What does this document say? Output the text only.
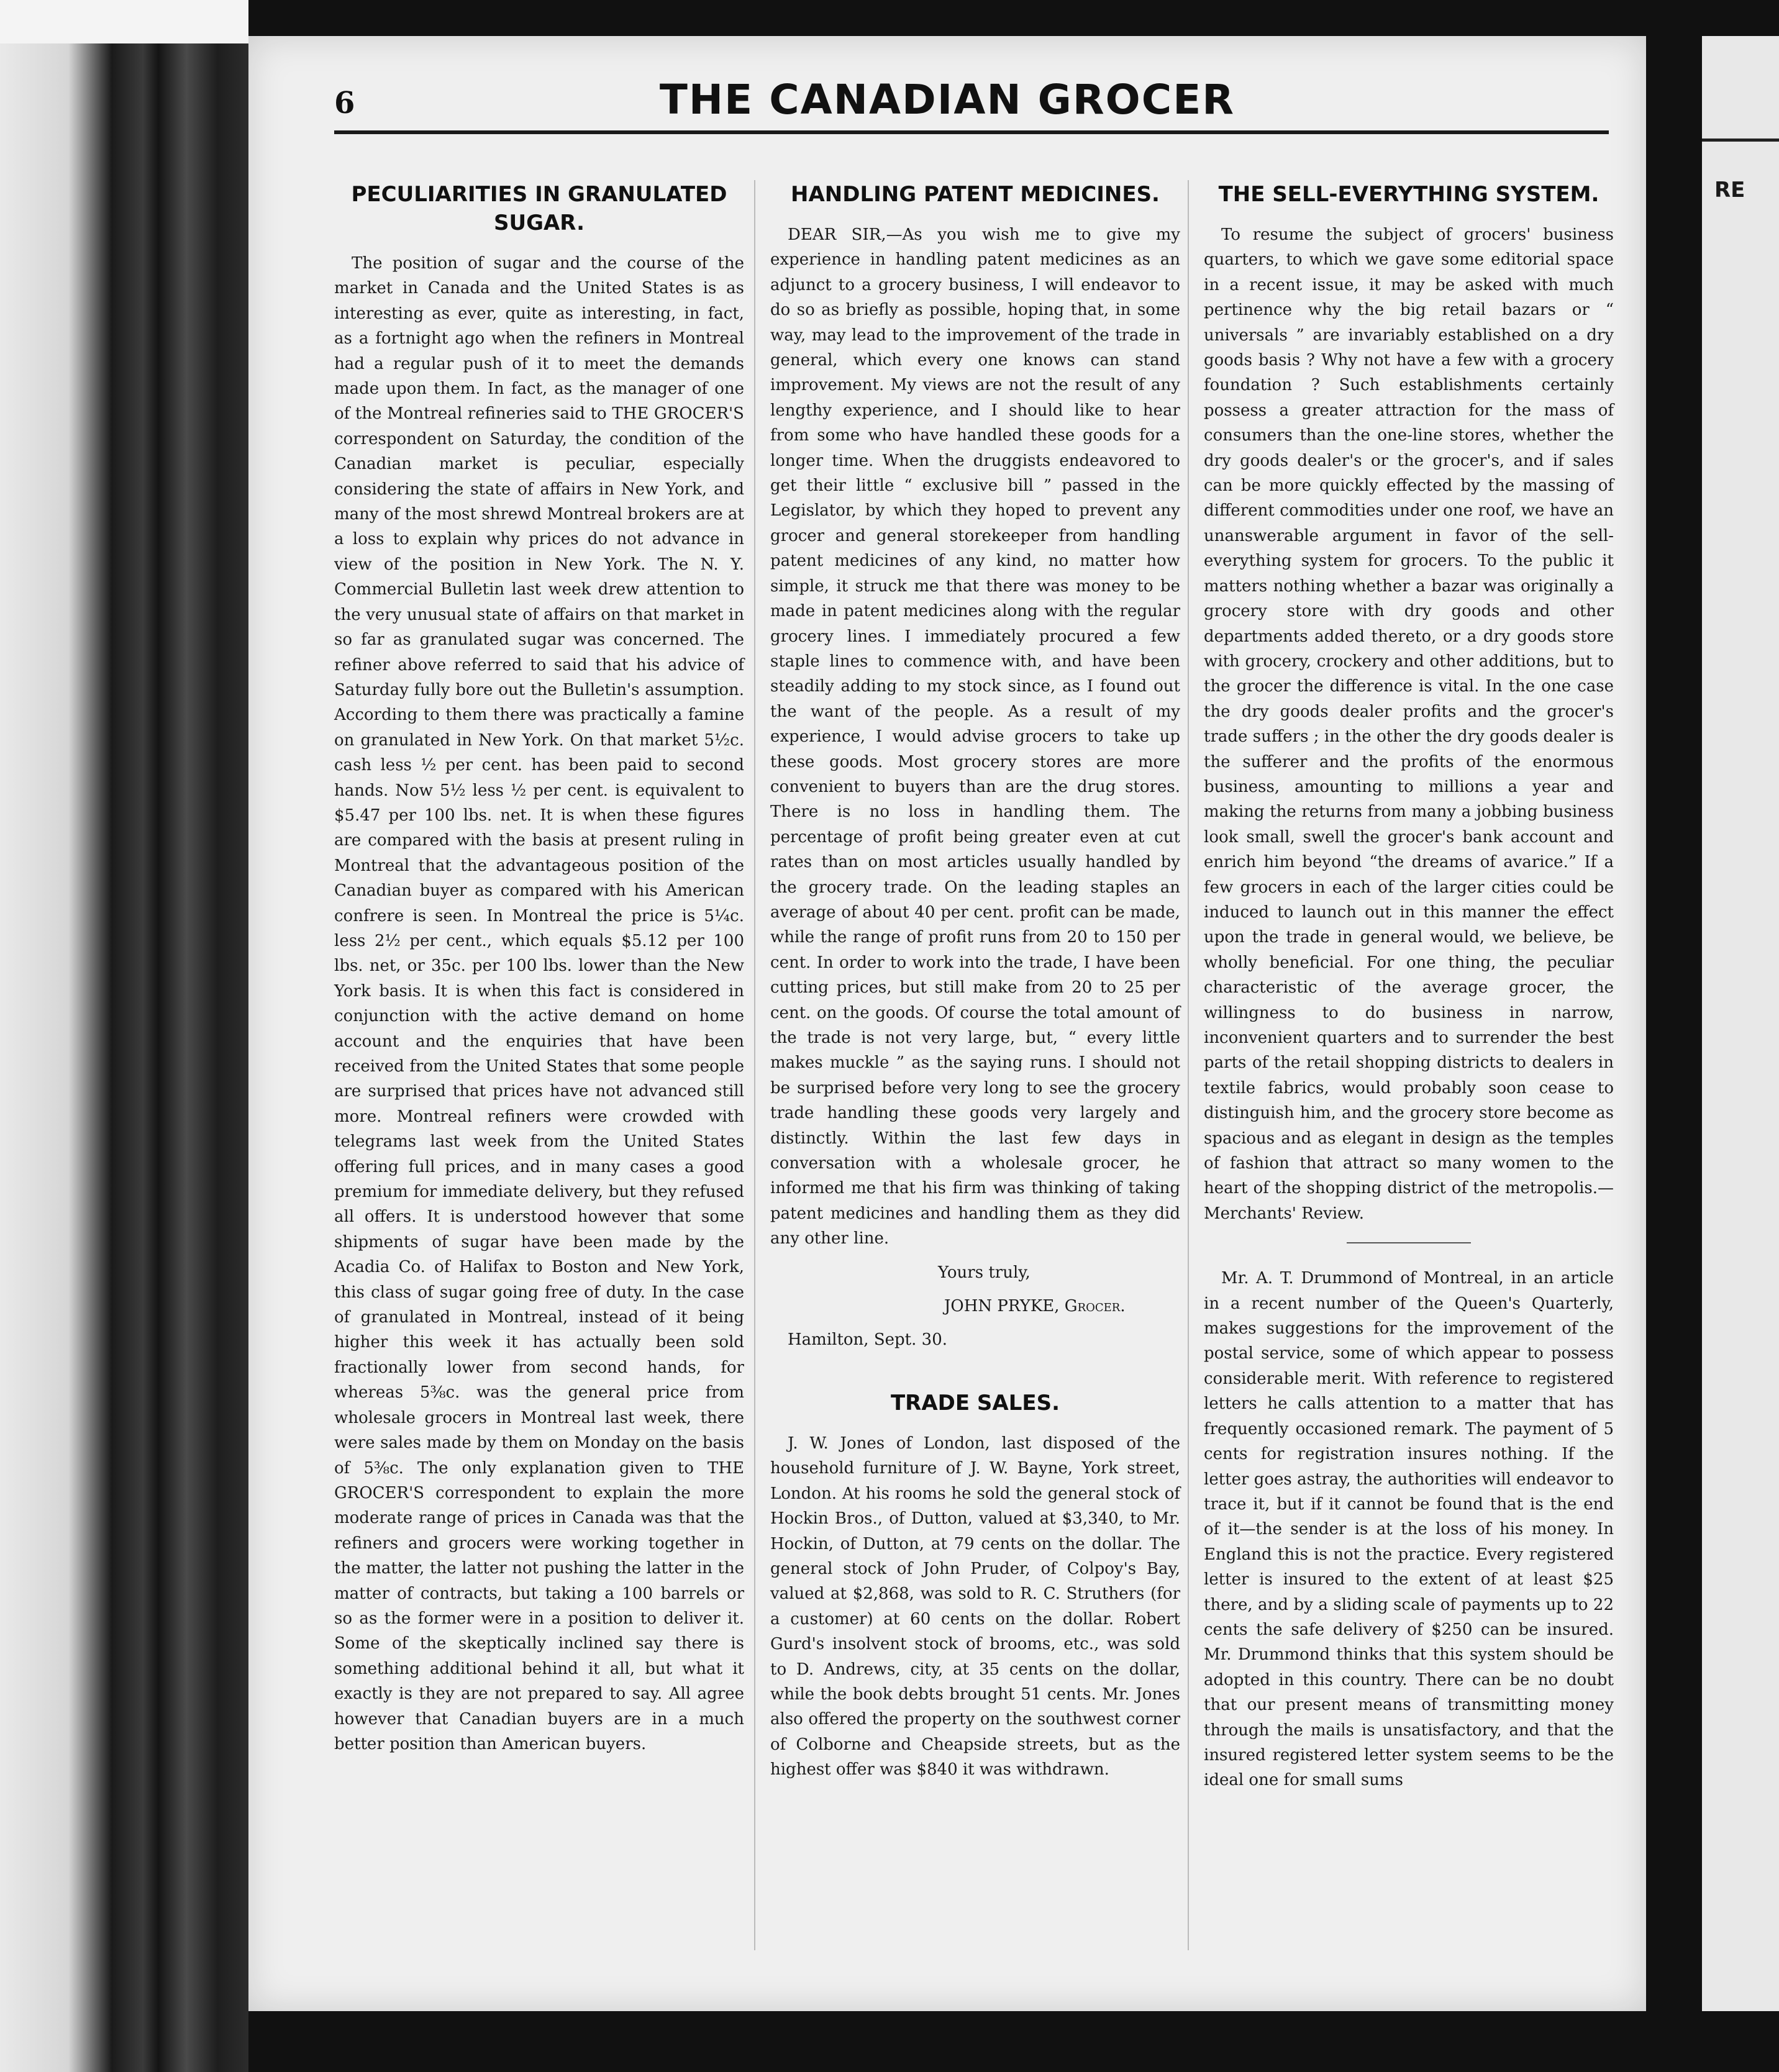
6	THE CANADIAN GROCER
PECULIARITIES IN GRANULATED SUGAR.

The position of sugar and the course of the market in Canada and the United States is as interesting as ever, quite as interesting, in fact, as a fortnight ago when the refiners in Montreal had a regular push of it to meet the demands made upon them. In fact, as the manager of one of the Montreal refineries said to THE GROCER'S correspondent on Saturday, the condition of the Canadian market is peculiar, especially considering the state of affairs in New York, and many of the most shrewd Montreal brokers are at a loss to explain why prices do not advance in view of the position in New York. The N. Y. Commercial Bulletin last week drew attention to the very unusual state of affairs on that market in so far as granulated sugar was concerned. The refiner above referred to said that his advice of Saturday fully bore out the Bulletin's assumption. According to them there was practically a famine on granulated in New York. On that market 5½c. cash less ½ per cent. has been paid to second hands. Now 5½ less ½ per cent. is equivalent to $5.47 per 100 lbs. net. It is when these figures are compared with the basis at present ruling in Montreal that the advantageous position of the Canadian buyer as compared with his American confrere is seen. In Montreal the price is 5¼c. less 2½ per cent., which equals $5.12 per 100 lbs. net, or 35c. per 100 lbs. lower than the New York basis. It is when this fact is considered in conjunction with the active demand on home account and the enquiries that have been received from the United States that some people are surprised that prices have not advanced still more. Montreal refiners were crowded with telegrams last week from the United States offering full prices, and in many cases a good premium for immediate delivery, but they refused all offers. It is understood however that some shipments of sugar have been made by the Acadia Co. of Halifax to Boston and New York, this class of sugar going free of duty. In the case of granulated in Montreal, instead of it being higher this week it has actually been sold fractionally lower from second hands, for whereas 5⅜c. was the general price from wholesale grocers in Montreal last week, there were sales made by them on Monday on the basis of 5⅜c. The only explanation given to THE GROCER'S correspondent to explain the more moderate range of prices in Canada was that the refiners and grocers were working together in the matter, the latter not pushing the latter in the matter of contracts, but taking a 100 barrels or so as the former were in a position to deliver it. Some of the skeptically inclined say there is something additional behind it all, but what it exactly is they are not prepared to say. All agree however that Canadian buyers are in a much better position than American buyers.

HANDLING PATENT MEDICINES.

DEAR SIR,—As you wish me to give my experience in handling patent medicines as an adjunct to a grocery business, I will endeavor to do so as briefly as possible, hoping that, in some way, may lead to the improvement of the trade in general, which every one knows can stand improvement. My views are not the result of any lengthy experience, and I should like to hear from some who have handled these goods for a longer time. When the druggists endeavored to get their little “ exclusive bill ” passed in the Legislator, by which they hoped to prevent any grocer and general storekeeper from handling patent medicines of any kind, no matter how simple, it struck me that there was money to be made in patent medicines along with the regular grocery lines. I immediately procured a few staple lines to commence with, and have been steadily adding to my stock since, as I found out the want of the people. As a result of my experience, I would advise grocers to take up these goods. Most grocery stores are more convenient to buyers than are the drug stores. There is no loss in handling them. The percentage of profit being greater even at cut rates than on most articles usually handled by the grocery trade. On the leading staples an average of about 40 per cent. profit can be made, while the range of profit runs from 20 to 150 per cent. In order to work into the trade, I have been cutting prices, but still make from 20 to 25 per cent. on the goods. Of course the total amount of the trade is not very large, but, “ every little makes muckle ” as the saying runs. I should not be surprised before very long to see the grocery trade handling these goods very largely and distinctly. Within the last few days in conversation with a wholesale grocer, he informed me that his firm was thinking of taking patent medicines and handling them as they did any other line.

Yours truly,
JOHN PRYKE, Grocer.
Hamilton, Sept. 30.
TRADE SALES.

J. W. Jones of London, last disposed of the household furniture of J. W. Bayne, York street, London. At his rooms he sold the general stock of Hockin Bros., of Dutton, valued at $3,340, to Mr. Hockin, of Dutton, at 79 cents on the dollar. The general stock of John Pruder, of Colpoy's Bay, valued at $2,868, was sold to R. C. Struthers (for a customer) at 60 cents on the dollar. Robert Gurd's insolvent stock of brooms, etc., was sold to D. Andrews, city, at 35 cents on the dollar, while the book debts brought 51 cents. Mr. Jones also offered the property on the southwest corner of Colborne and Cheapside streets, but as the highest offer was $840 it was withdrawn.

THE SELL-EVERYTHING SYSTEM.

To resume the subject of grocers' business quarters, to which we gave some editorial space in a recent issue, it may be asked with much pertinence why the big retail bazars or “ universals ” are invariably established on a dry goods basis ? Why not have a few with a grocery foundation ? Such establishments certainly possess a greater attraction for the mass of consumers than the one-line stores, whether the dry goods dealer's or the grocer's, and if sales can be more quickly effected by the massing of different commodities under one roof, we have an unanswerable argument in favor of the sell-everything system for grocers. To the public it matters nothing whether a bazar was originally a grocery store with dry goods and other departments added thereto, or a dry goods store with grocery, crockery and other additions, but to the grocer the difference is vital. In the one case the dry goods dealer profits and the grocer's trade suffers ; in the other the dry goods dealer is the sufferer and the profits of the enormous business, amounting to millions a year and making the returns from many a jobbing business look small, swell the grocer's bank account and enrich him beyond “the dreams of avarice.” If a few grocers in each of the larger cities could be induced to launch out in this manner the effect upon the trade in general would, we believe, be wholly beneficial. For one thing, the peculiar characteristic of the average grocer, the willingness to do business in narrow, inconvenient quarters and to surrender the best parts of the retail shopping districts to dealers in textile fabrics, would probably soon cease to distinguish him, and the grocery store become as spacious and as elegant in design as the temples of fashion that attract so many women to the heart of the shopping district of the metropolis.—Merchants' Review.

Mr. A. T. Drummond of Montreal, in an article in a recent number of the Queen's Quarterly, makes suggestions for the improvement of the postal service, some of which appear to possess considerable merit. With reference to registered letters he calls attention to a matter that has frequently occasioned remark. The payment of 5 cents for registration insures nothing. If the letter goes astray, the authorities will endeavor to trace it, but if it cannot be found that is the end of it—the sender is at the loss of his money. In England this is not the practice. Every registered letter is insured to the extent of at least $25 there, and by a sliding scale of payments up to 22 cents the safe delivery of $250 can be insured. Mr. Drummond thinks that this system should be adopted in this country. There can be no doubt that our present means of transmitting money through the mails is unsatisfactory, and that the insured registered letter system seems to be the ideal one for small sums

RE
